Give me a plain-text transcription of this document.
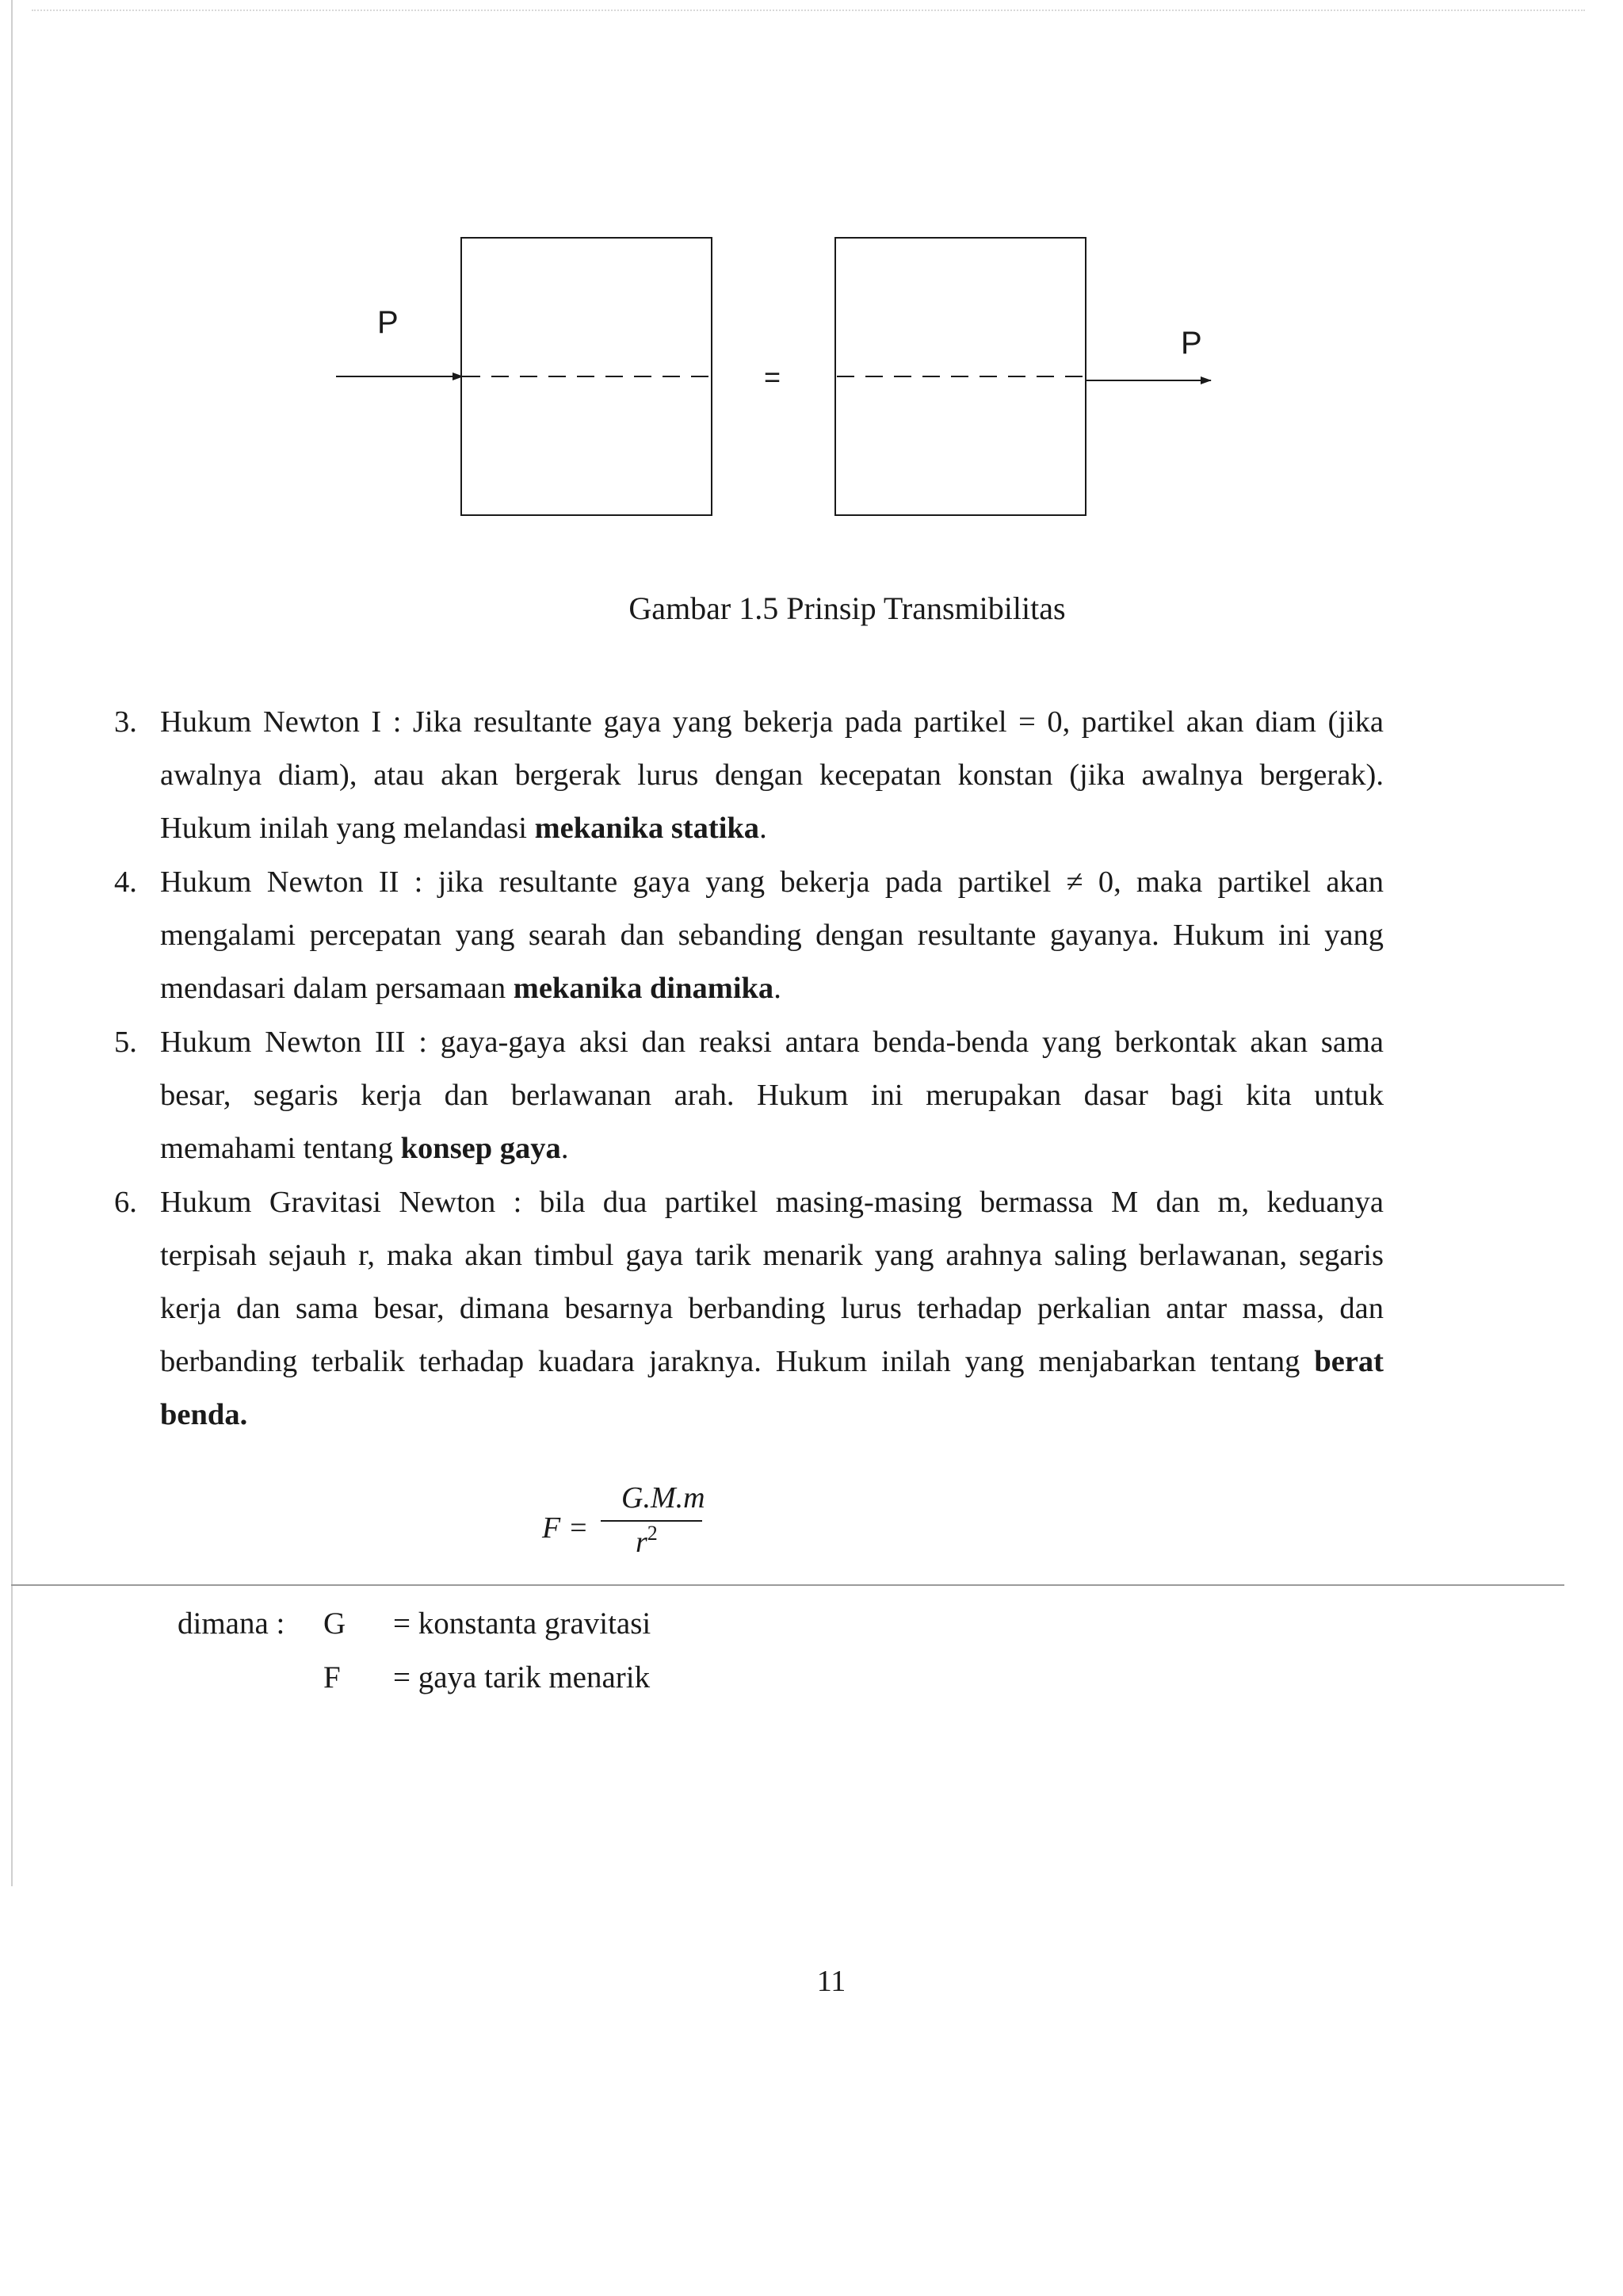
P
P
=
Gambar 1.5 Prinsip Transmibilitas
3. Hukum Newton I : Jika resultante gaya yang bekerja pada partikel = 0, partikel akan diam (jika
awalnya diam), atau akan bergerak lurus dengan kecepatan konstan (jika awalnya bergerak).
Hukum inilah yang melandasi mekanika statika.
4. Hukum Newton II : jika resultante gaya yang bekerja pada partikel ≠ 0, maka partikel akan
mengalami percepatan yang searah dan sebanding dengan resultante gayanya. Hukum ini yang
mendasari dalam persamaan mekanika dinamika.
5. Hukum Newton III : gaya-gaya aksi dan reaksi antara benda-benda yang berkontak akan sama
besar, segaris kerja dan berlawanan arah. Hukum ini merupakan dasar bagi kita untuk
memahami tentang konsep gaya.
6. Hukum Gravitasi Newton : bila dua partikel masing-masing bermassa M dan m, keduanya
terpisah sejauh r, maka akan timbul gaya tarik menarik yang arahnya saling berlawanan, segaris
kerja dan sama besar, dimana besarnya berbanding lurus terhadap perkalian antar massa, dan
berbanding terbalik terhadap kuadara jaraknya. Hukum inilah yang menjabarkan tentang berat
benda.
F =
G.M.m
$r^2$
dimana : G = konstanta gravitasi
F = gaya tarik menarik
11
